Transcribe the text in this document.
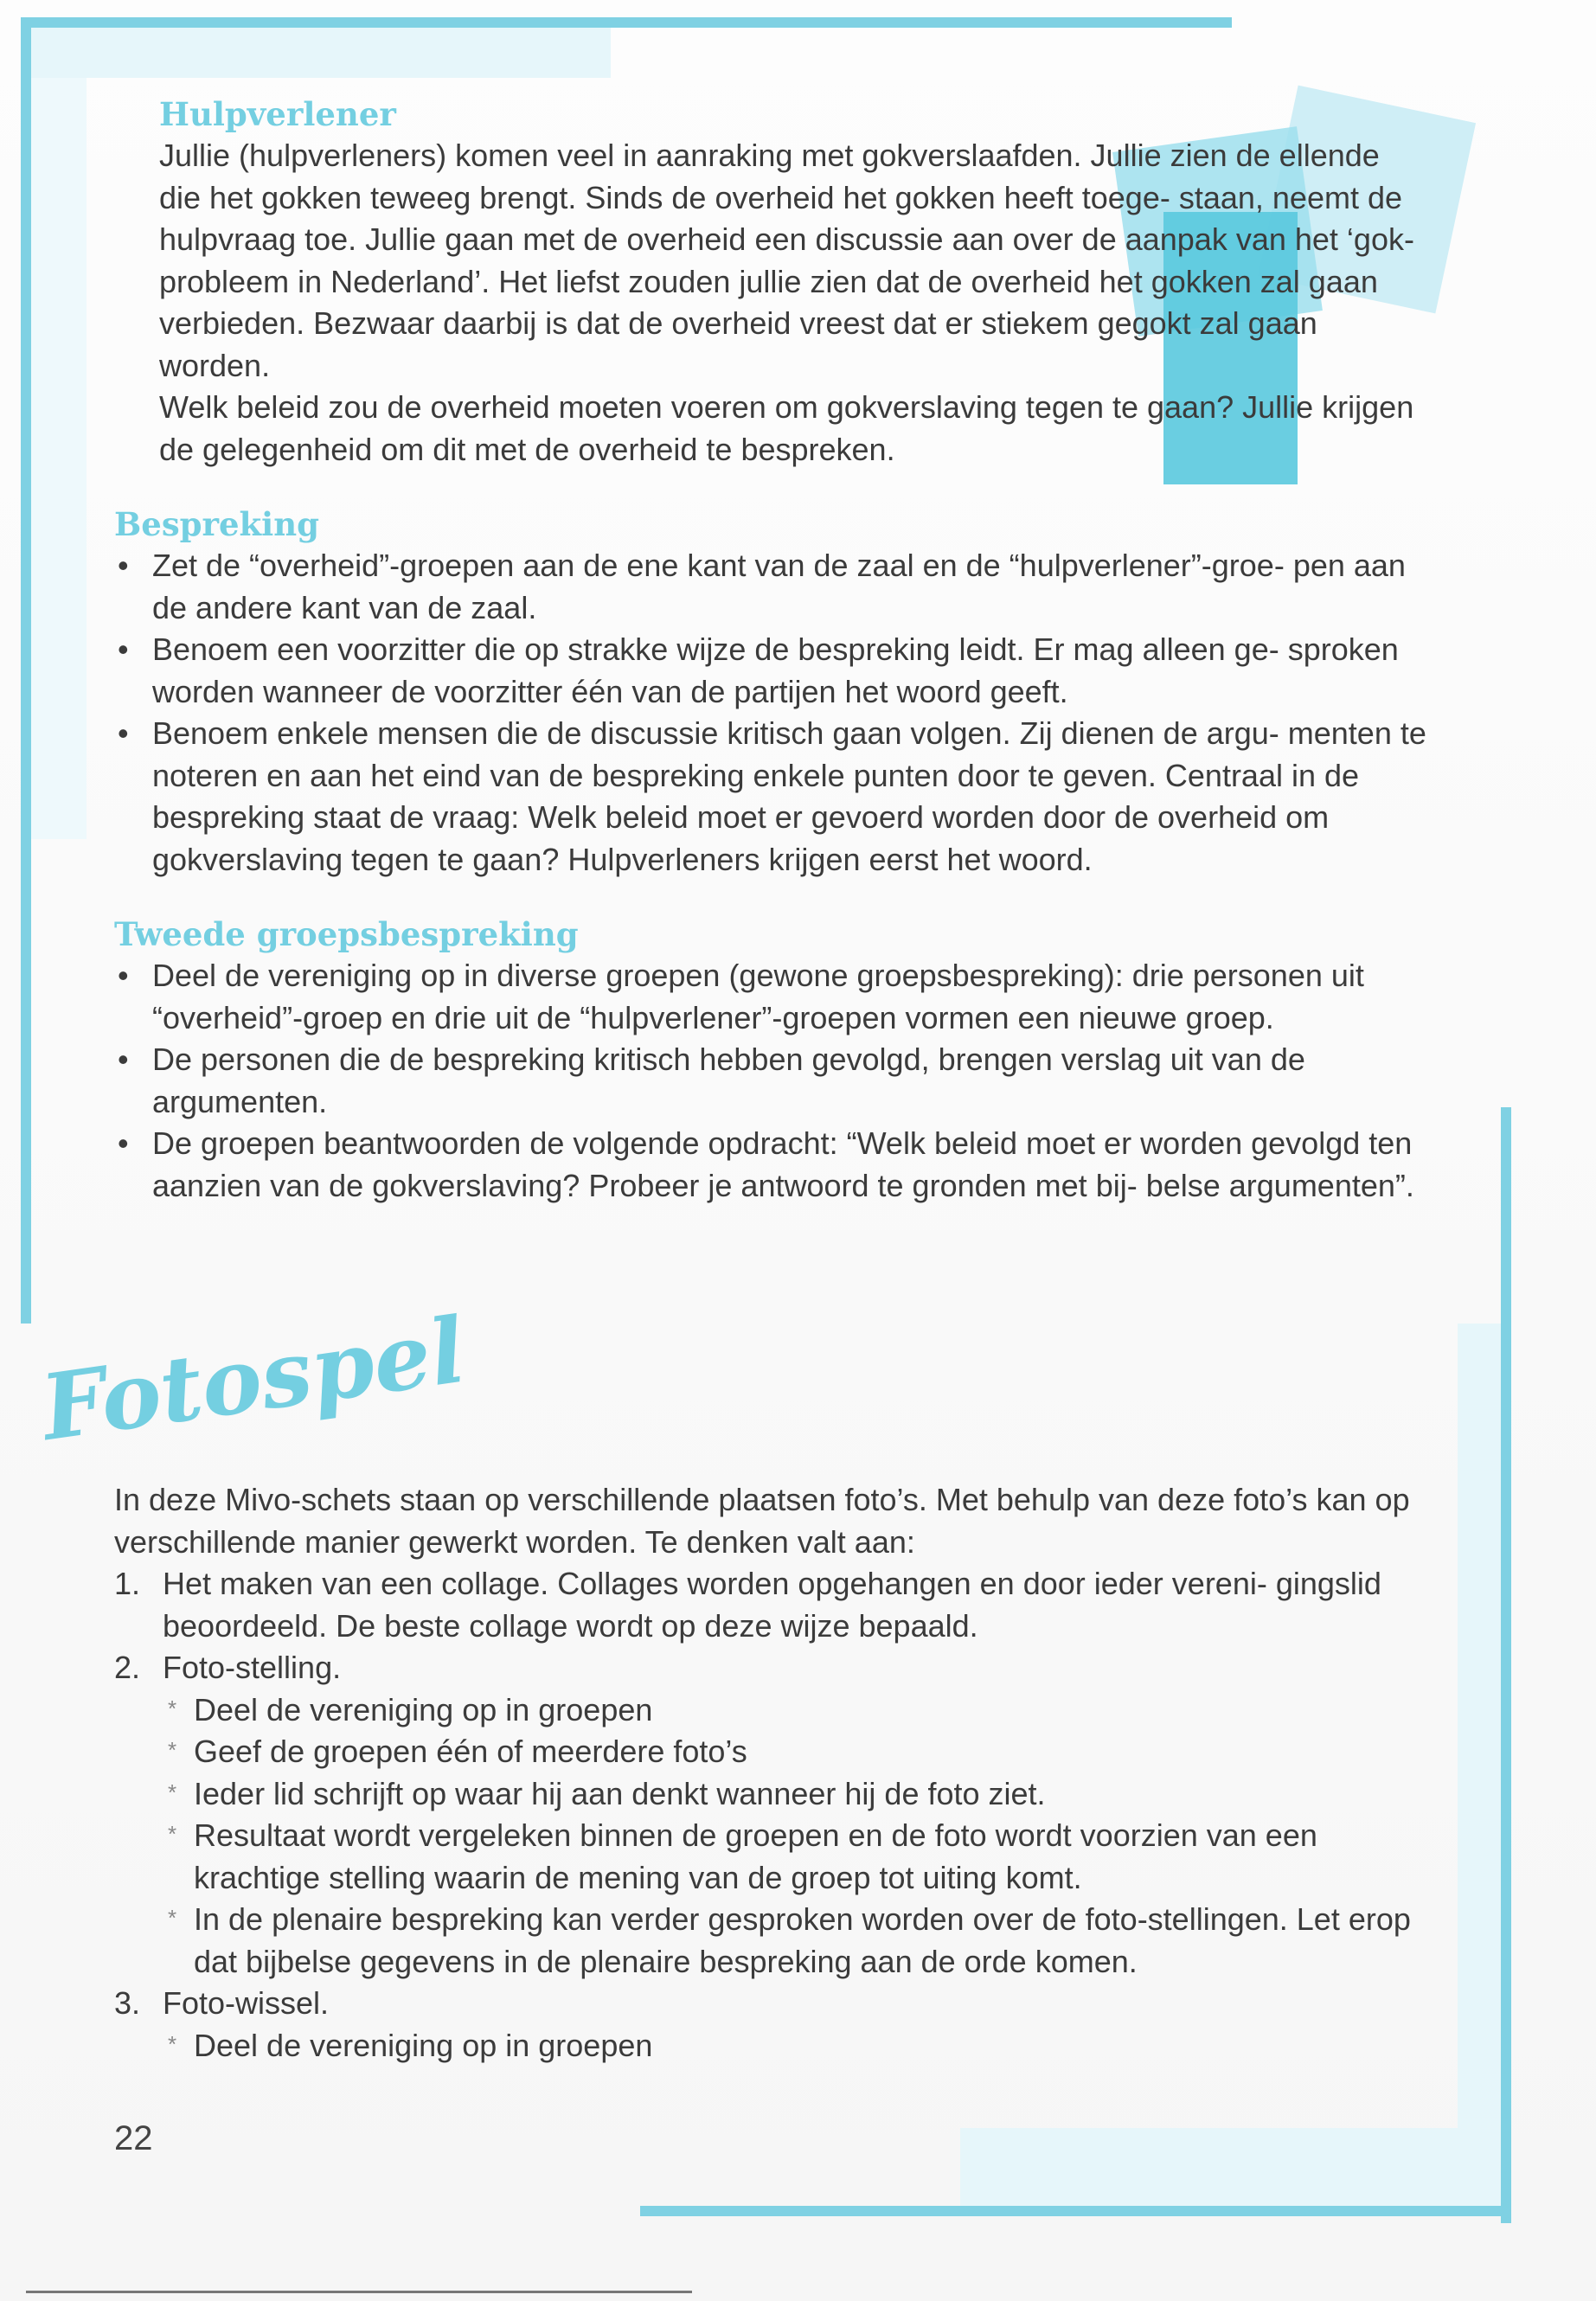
Hulpverlener

Jullie (hulpverleners) komen veel in aanraking met gokverslaafden. Jullie zien de ellende die het gokken teweeg brengt. Sinds de overheid het gokken heeft toege- staan, neemt de hulpvraag toe. Jullie gaan met de overheid een discussie aan over de aanpak van het ‘gok-probleem in Nederland’. Het liefst zouden jullie zien dat de overheid het gokken zal gaan verbieden. Bezwaar daarbij is dat de overheid vreest dat er stiekem gegokt zal gaan worden.

Welk beleid zou de overheid moeten voeren om gokverslaving tegen te gaan? Jullie krijgen de gelegenheid om dit met de overheid te bespreken.

Bespreking
• Zet de “overheid”-groepen aan de ene kant van de zaal en de “hulpverlener”-groe- pen aan de andere kant van de zaal.
• Benoem een voorzitter die op strakke wijze de bespreking leidt. Er mag alleen ge- sproken worden wanneer de voorzitter één van de partijen het woord geeft.
• Benoem enkele mensen die de discussie kritisch gaan volgen. Zij dienen de argu- menten te noteren en aan het eind van de bespreking enkele punten door te geven. Centraal in de bespreking staat de vraag: Welk beleid moet er gevoerd worden door de overheid om gokverslaving tegen te gaan? Hulpverleners krijgen eerst het woord.
Tweede groepsbespreking
• Deel de vereniging op in diverse groepen (gewone groepsbespreking): drie personen uit “overheid”-groep en drie uit de “hulpverlener”-groepen vormen een nieuwe groep.
• De personen die de bespreking kritisch hebben gevolgd, brengen verslag uit van de argumenten.
• De groepen beantwoorden de volgende opdracht: “Welk beleid moet er worden gevolgd ten aanzien van de gokverslaving? Probeer je antwoord te gronden met bij- belse argumenten”.
Fotospel

In deze Mivo-schets staan op verschillende plaatsen foto’s. Met behulp van deze foto’s kan op verschillende manier gewerkt worden. Te denken valt aan:

1. Het maken van een collage. Collages worden opgehangen en door ieder vereni- gingslid beoordeeld. De beste collage wordt op deze wijze bepaald.
2. Foto-stelling.
* Deel de vereniging op in groepen
* Geef de groepen één of meerdere foto’s
* Ieder lid schrijft op waar hij aan denkt wanneer hij de foto ziet.
* Resultaat wordt vergeleken binnen de groepen en de foto wordt voorzien van een krachtige stelling waarin de mening van de groep tot uiting komt.
* In de plenaire bespreking kan verder gesproken worden over de foto-stellingen. Let erop dat bijbelse gegevens in de plenaire bespreking aan de orde komen.
3. Foto-wissel.
* Deel de vereniging op in groepen
22
